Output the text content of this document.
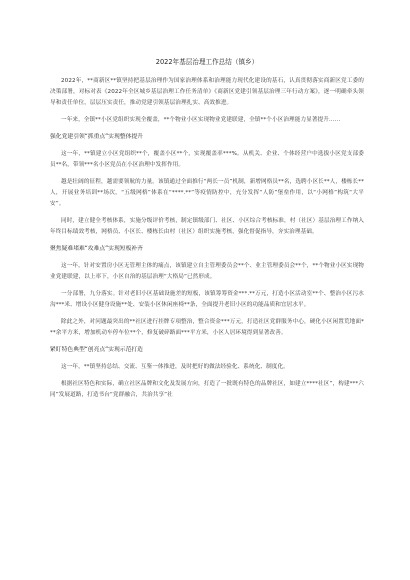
2022年基层治理工作总结（镇乡）

2022年，**商新区**镇坚持把基层治理作为国家治理体系和治理能力现代化建设的基石，认真贯彻落实商新区党工委的决策部署，对标对表《2022年全区城乡基层治理工作任务清单》《商新区党建引领基层治理三年行动方案》，逐一明确牵头领导和责任单位，层层压实责任，推动党建引领基层治理扎实、高效推进。

一年来，全镇**小区党组织实现全覆盖，**个物业小区实现物业党建联建，全镇**个小区治理能力显著提升……

强化党建引领“抓重点”实现整体提升

这一年，**镇建立小区党组织**个，覆盖小区**个，实现覆盖率***%。从机关、企业、个体经营户中选拔小区党支部委员**名，带领***名小区党员在小区治理中发挥作用。

越是壮阔的征程，越需要领航的力量。该镇通过全面推行“两长一员”机制，新增网格员**名，选聘小区长**人，楼栋长**人，开展业务培训**场次，“五级网格”体系在“****.**”等疫情防控中，充分发挥“人防”堡垒作用，以“小网格”构筑“大平安”。

同时，建立健全考核体系，实施分级评价考核，制定镇级部门、社区、小区综合考核标准，村（社区）基层治理工作纳入年终目标绩效考核，网格员、小区长、楼栋长由村（社区）组织实施考核，强化督促指导，夯实治理基础。

聚焦疑难堵难“攻难点”实现短板补齐

这一年，针对安置房小区无管理主体的痛点，该镇建立自主管理委员会**个、业主管理委员会**个，**个物业小区实现物业党建联建，以上率下，小区自治的基层治理“大格局”已然形成。

一分部署，九分落实。针对老旧小区基础设施差的短板，该镇筹筹资金***.**万元，打造小区活动室**个、整治小区污水沟***米、增设小区健身设施**处、安装小区休闲座椅**条，全面提升老旧小区的功能品质和宜居水平。

除此之外，对问题最突出的**社区进行挂牌专项整治，整合资金***万元，打造社区党群服务中心，硬化小区闲置荒地面***余平方米，增加机动车停车位**个，修复破碎路面***平方米，小区人居环境得到显著改善。

紧盯特色典型“创亮点”实现示范打造

这一年，**镇坚持总结、交流、互鉴一体推进，及时把好的做法经验化、系统化、制度化。

根据社区特色和实际，确立社区品牌和文化及发展方向，打造了一批既有特色的品牌社区，如建立****社区”，构建***六同”发展道路，打造书台“党群融合，共治共享”社
